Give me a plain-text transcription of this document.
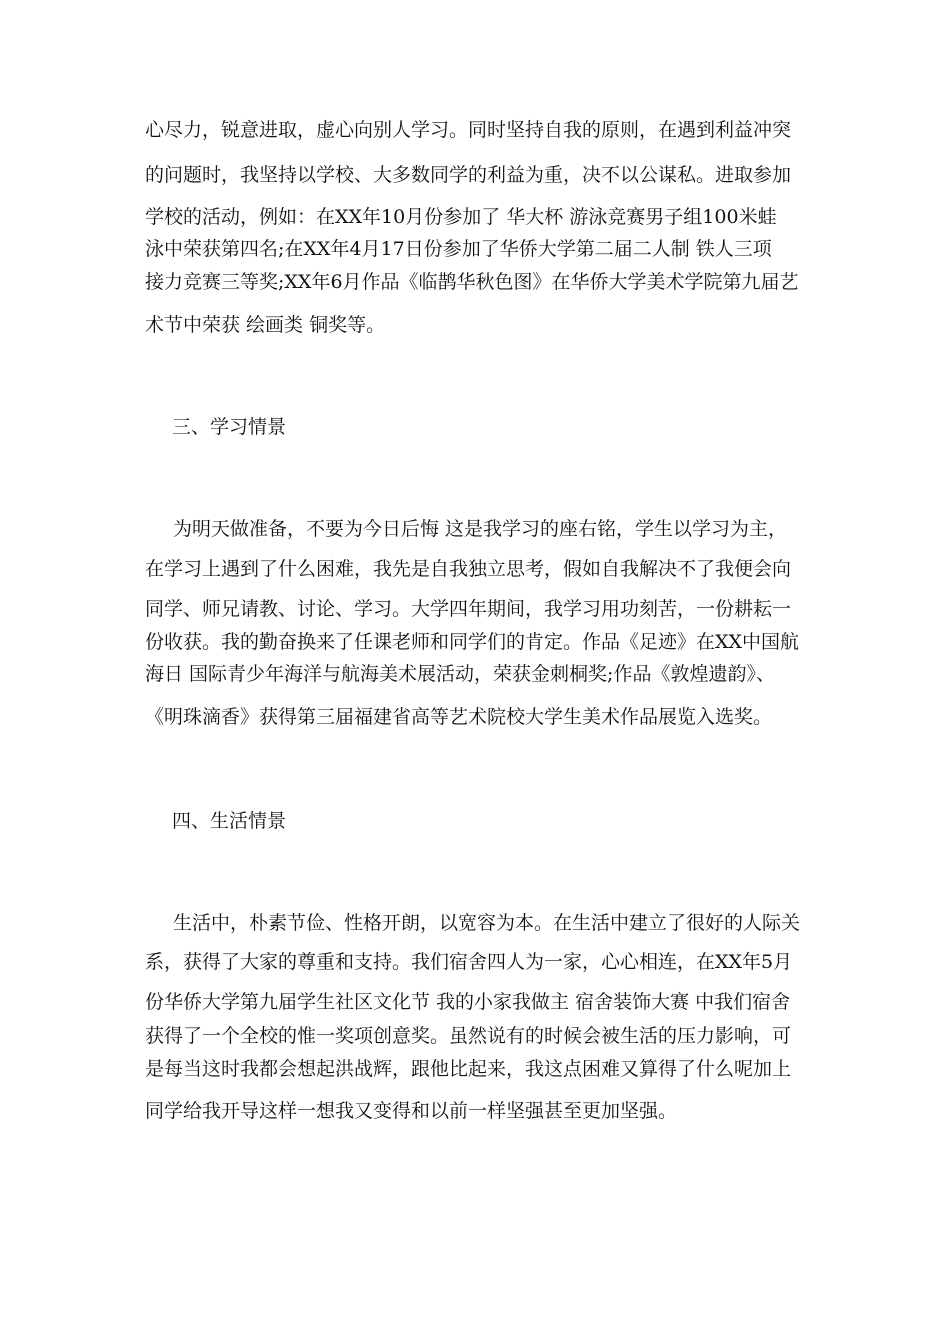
心尽力，锐意进取，虚心向别人学习。同时坚持自我的原则，在遇到利益冲突
的问题时，我坚持以学校、大多数同学的利益为重，决不以公谋私。进取参加
学校的活动，例如：在XX年10月份参加了 华大杯 游泳竞赛男子组100米蛙
泳中荣获第四名;在XX年4月17日份参加了华侨大学第二届二人制 铁人三项
接力竞赛三等奖;XX年6月作品《临鹊华秋色图》在华侨大学美术学院第九届艺
术节中荣获 绘画类 铜奖等。
三、学习情景
为明天做准备，不要为今日后悔 这是我学习的座右铭，学生以学习为主，
在学习上遇到了什么困难，我先是自我独立思考，假如自我解决不了我便会向
同学、师兄请教、讨论、学习。大学四年期间，我学习用功刻苦，一份耕耘一
份收获。我的勤奋换来了任课老师和同学们的肯定。作品《足迹》在XX中国航
海日 国际青少年海洋与航海美术展活动，荣获金刺桐奖;作品《敦煌遗韵》、
《明珠滴香》获得第三届福建省高等艺术院校大学生美术作品展览入选奖。
四、生活情景
生活中，朴素节俭、性格开朗，以宽容为本。在生活中建立了很好的人际关
系，获得了大家的尊重和支持。我们宿舍四人为一家，心心相连，在XX年5月
份华侨大学第九届学生社区文化节 我的小家我做主 宿舍装饰大赛 中我们宿舍
获得了一个全校的惟一奖项创意奖。虽然说有的时候会被生活的压力影响，可
是每当这时我都会想起洪战辉，跟他比起来，我这点困难又算得了什么呢加上
同学给我开导这样一想我又变得和以前一样坚强甚至更加坚强。
